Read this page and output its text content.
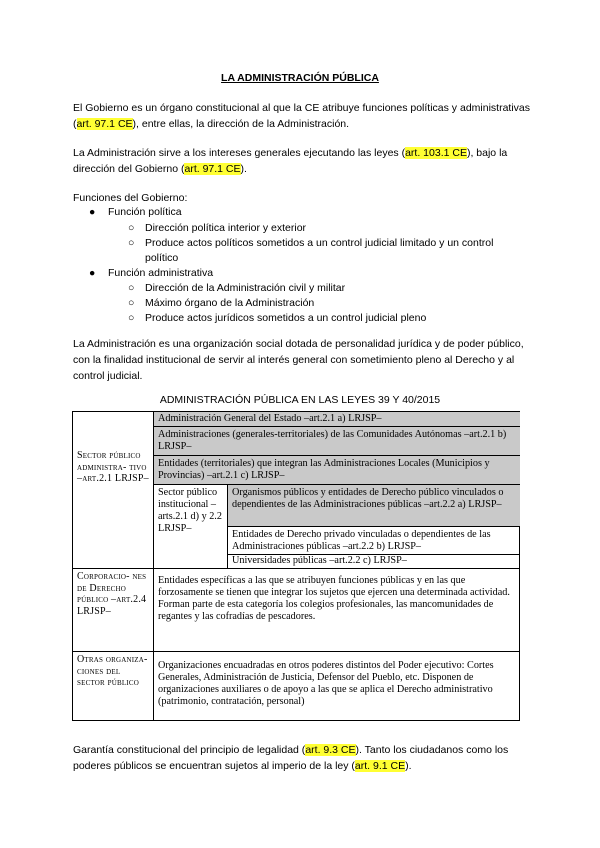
LA ADMINISTRACIÓN PÚBLICA
El Gobierno es un órgano constitucional al que la CE atribuye funciones políticas y administrativas (art. 97.1 CE), entre ellas, la dirección de la Administración.
La Administración sirve a los intereses generales ejecutando las leyes (art. 103.1 CE), bajo la dirección del Gobierno (art. 97.1 CE).
Funciones del Gobierno:
● Función política
○ Dirección política interior y exterior
○ Produce actos políticos sometidos a un control judicial limitado y un control político
● Función administrativa
○ Dirección de la Administración civil y militar
○ Máximo órgano de la Administración
○ Produce actos jurídicos sometidos a un control judicial pleno
La Administración es una organización social dotada de personalidad jurídica y de poder público, con la finalidad institucional de servir al interés general con sometimiento pleno al Derecho y al control judicial.
ADMINISTRACIÓN PÚBLICA EN LAS LEYES 39 Y 40/2015
Administración General del Estado –art.2.1 a) LRJSP–
Administraciones (generales-territoriales) de las Comunidades Autónomas –art.2.1 b) LRJSP–
Entidades (territoriales) que integran las Administraciones Locales (Municipios y Provincias) –art.2.1 c) LRJSP–
Organismos públicos y entidades de Derecho público vinculados o dependientes de las Administraciones públicas –art.2.2 a) LRJSP–
Sector público administra- tivo –art.2.1 LRJSP–
Sector público institucional –arts.2.1 d) y 2.2 LRJSP–
Entidades de Derecho privado vinculadas o dependientes de las Administraciones públicas –art.2.2 b) LRJSP–
Universidades públicas –art.2.2 c) LRJSP–
Corporacio- nes de Derecho público –art.2.4 LRJSP–
Entidades específicas a las que se atribuyen funciones públicas y en las que forzosamente se tienen que integrar los sujetos que ejercen una determinada actividad. Forman parte de esta categoría los colegios profesionales, las mancomunidades de regantes y las cofradías de pescadores.
Otras organiza- ciones del sector público
Organizaciones encuadradas en otros poderes distintos del Poder ejecutivo: Cortes Generales, Administración de Justicia, Defensor del Pueblo, etc. Disponen de organizaciones auxiliares o de apoyo a las que se aplica el Derecho administrativo (patrimonio, contratación, personal)
Garantía constitucional del principio de legalidad (art. 9.3 CE). Tanto los ciudadanos como los poderes públicos se encuentran sujetos al imperio de la ley (art. 9.1 CE).
